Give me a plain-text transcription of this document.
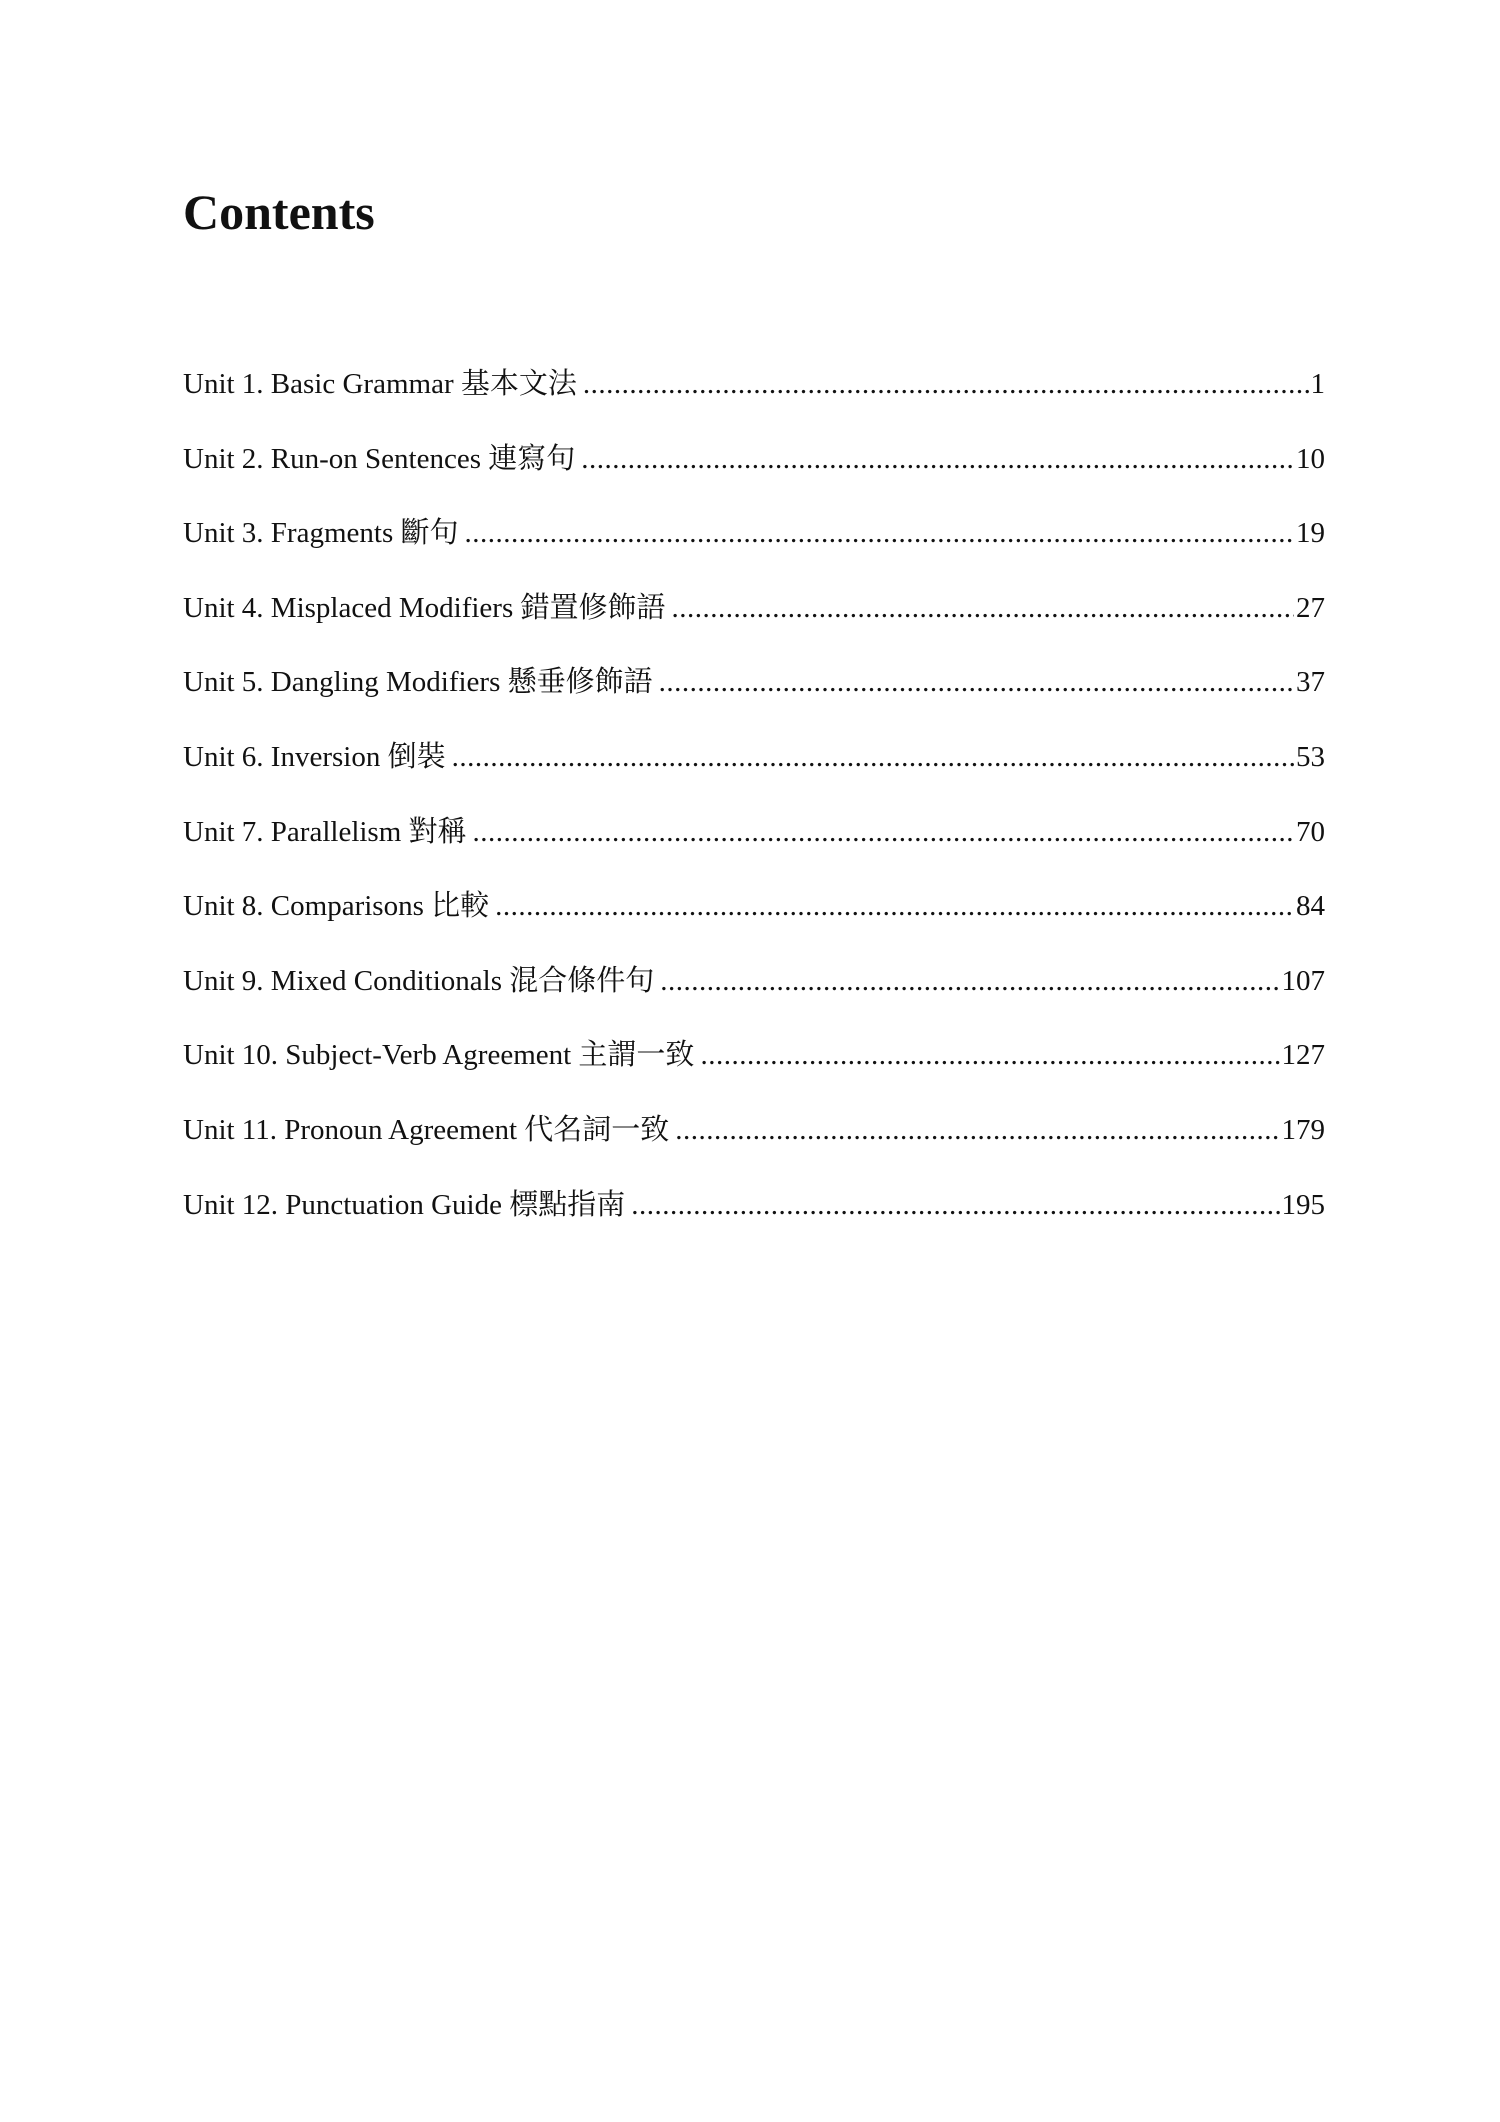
Contents
Unit 1. Basic Grammar 基本文法 .....	1
Unit 2. Run-on Sentences 連寫句 .....	10
Unit 3. Fragments 斷句 .....	19
Unit 4. Misplaced Modifiers 錯置修飾語 .....	27
Unit 5. Dangling Modifiers 懸垂修飾語 .....	37
Unit 6. Inversion 倒裝 .....	53
Unit 7. Parallelism 對稱 .....	70
Unit 8. Comparisons 比較 .....	84
Unit 9. Mixed Conditionals 混合條件句 .....	107
Unit 10. Subject-Verb Agreement 主謂一致 .....	127
Unit 11. Pronoun Agreement 代名詞一致 .....	179
Unit 12. Punctuation Guide 標點指南 .....	195
